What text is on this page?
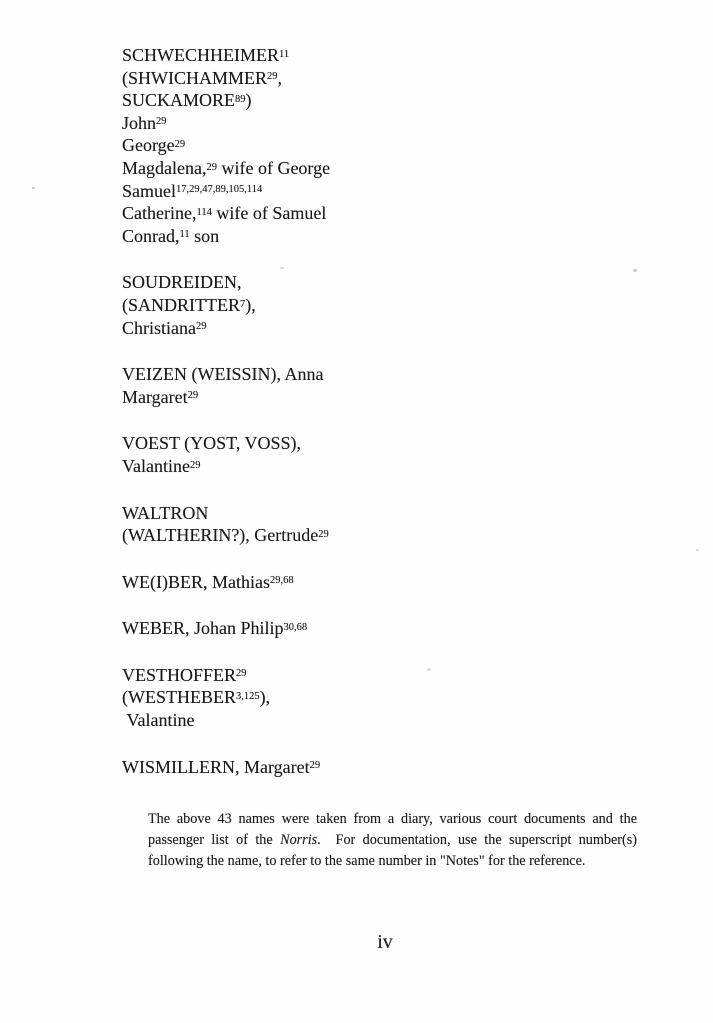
SCHWECHHEIMER$^{11}$
(SHWICHAMMER$^{29}$,
SUCKAMORE$^{89}$)
John$^{29}$
George$^{29}$
Magdalena,$^{29}$ wife of George
Samuel$^{17,29,47,89,105,114}$
Catherine,$^{114}$ wife of Samuel
Conrad,$^{11}$ son
SOUDREIDEN,
(SANDRITTER$^7$),
Christiana$^{29}$
VEIZEN (WEISSIN), Anna
Margaret$^{29}$
VOEST (YOST, VOSS),
Valantine$^{29}$
WALTRON
(WALTHERIN?), Gertrude$^{29}$
WE(I)BER, Mathias$^{29,68}$
WEBER, Johan Philip$^{30,68}$
VESTHOFFER$^{29}$
(WESTHEBER$^{3,125}$),
Valantine
WISMILLERN, Margaret$^{29}$

The above 43 names were taken from a diary, various court documents and the passenger list of the Norris.  For documentation, use the superscript number(s) following the name, to refer to the same number in "Notes" for the reference.

iv
